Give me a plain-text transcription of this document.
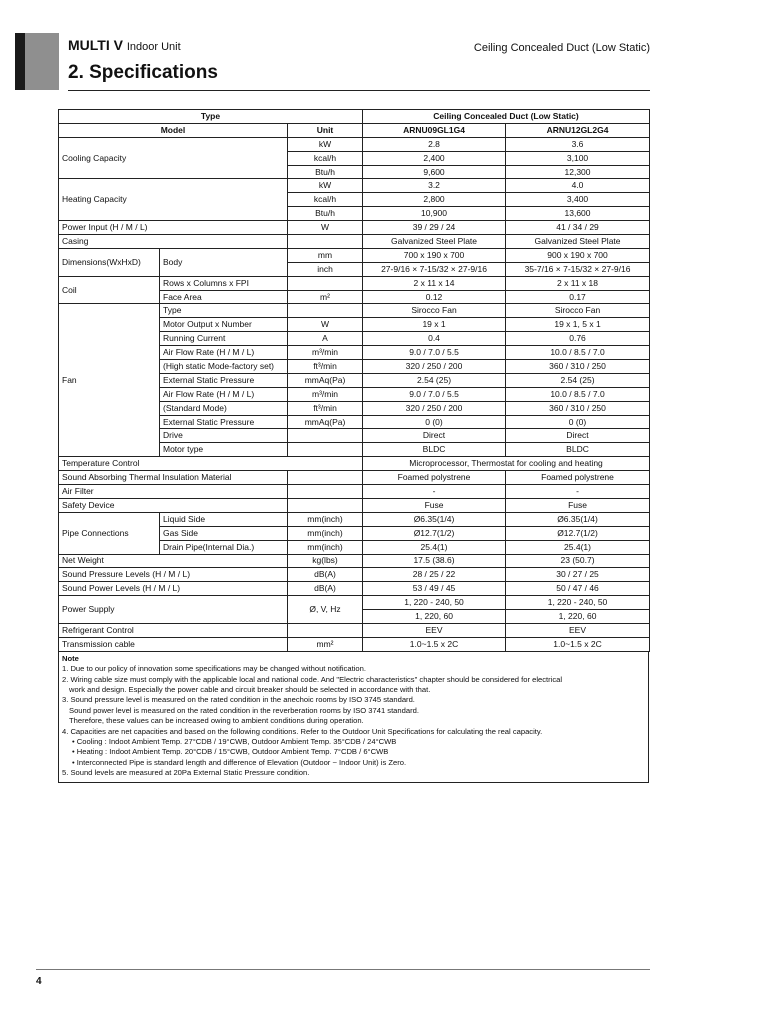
MULTI V Indoor Unit	Ceiling Concealed Duct (Low Static)
2. Specifications
Type			Ceiling Concealed Duct (Low Static)	
Model		Unit	ARNU09GL1G4	ARNU12GL2G4
Cooling Capacity		kW	2.8	3.6
		kcal/h	2,400	3,100
		Btu/h	9,600	12,300
Heating Capacity		kW	3.2	4.0
		kcal/h	2,800	3,400
		Btu/h	10,900	13,600
Power Input (H / M / L)		W	39 / 29 / 24	41 / 34 / 29
Casing			Galvanized Steel Plate	Galvanized Steel Plate
Dimensions(WxHxD)	Body	mm	700 x 190 x 700	900 x 190 x 700
		inch	27-9/16 × 7-15/32 × 27-9/16	35-7/16 × 7-15/32 × 27-9/16
Coil	Rows x Columns x FPI		2 x 11 x 14	2 x 11 x 18
	Face Area	m²	0.12	0.17
Fan	Type		Sirocco Fan	Sirocco Fan
	Motor Output x Number	W	19 x 1	19 x 1, 5 x 1
	Running Current	A	0.4	0.76
	Air Flow Rate (H / M / L)	m³/min	9.0 / 7.0 / 5.5	10.0 / 8.5 / 7.0
	(High static Mode-factory set)	ft³/min	320 / 250 / 200	360 / 310 / 250
	External Static Pressure	mmAq(Pa)	2.54 (25)	2.54 (25)
	Air Flow Rate (H / M / L)	m³/min	9.0 / 7.0 / 5.5	10.0 / 8.5 / 7.0
	(Standard Mode)	ft³/min	320 / 250 / 200	360 / 310 / 250
	External Static Pressure	mmAq(Pa)	0 (0)	0 (0)
	Drive		Direct	Direct
	Motor type		BLDC	BLDC
Temperature Control			Microprocessor, Thermostat for cooling and heating	
Sound Absorbing Thermal Insulation Material			Foamed polystrene	Foamed polystrene
Air Filter			-	-
Safety Device			Fuse	Fuse
Pipe Connections	Liquid Side	mm(inch)	Ø6.35(1/4)	Ø6.35(1/4)
	Gas Side	mm(inch)	Ø12.7(1/2)	Ø12.7(1/2)
	Drain Pipe(Internal Dia.)	mm(inch)	25.4(1)	25.4(1)
Net Weight		kg(lbs)	17.5 (38.6)	23 (50.7)
Sound Pressure Levels (H / M / L)		dB(A)	28 / 25 / 22	30 / 27 / 25
Sound Power Levels (H / M / L)		dB(A)	53 / 49 / 45	50 / 47 / 46
Power Supply		Ø, V, Hz	1, 220 - 240, 50	1, 220 - 240, 50
			1, 220, 60	1, 220, 60
Refrigerant Control			EEV	EEV
Transmission cable		mm²	1.0~1.5 x 2C	1.0~1.5 x 2C
Note
1. Due to our policy of innovation some specifications may be changed without notification.
2. Wiring cable size must comply with the applicable local and national code. And "Electric characteristics" chapter should be considered for electrical
work and design. Especially the power cable and circuit breaker should be selected in accordance with that.
3. Sound pressure level is measured on the rated condition in the anechoic rooms by ISO 3745 standard.
Sound power level is measured on the rated condition in the reverberation rooms by ISO 3741 standard.
Therefore, these values can be increased owing to ambient conditions during operation.
4. Capacities are net capacities and based on the following conditions. Refer to the Outdoor Unit Specifications for calculating the real capacity.
• Cooling : Indoot Ambient Temp. 27°CDB / 19°CWB, Outdoor Ambient Temp. 35°CDB / 24°CWB
• Heating : Indoot Ambient Temp. 20°CDB / 15°CWB, Outdoor Ambient Temp. 7°CDB / 6°CWB
• Interconnected Pipe is standard length and difference of Elevation (Outdoor ~ Indoor Unit) is Zero.
5. Sound levels are measured at 20Pa External Static Pressure condition.
4
